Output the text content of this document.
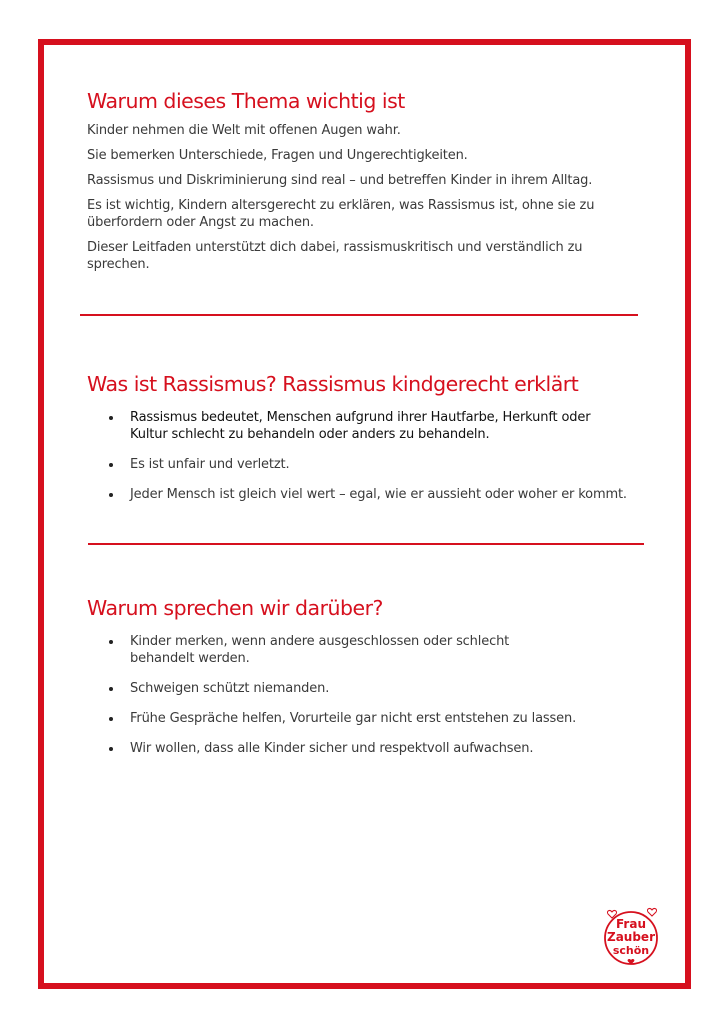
Warum dieses Thema wichtig ist

Kinder nehmen die Welt mit offenen Augen wahr.

Sie bemerken Unterschiede, Fragen und Ungerechtigkeiten.

Rassismus und Diskriminierung sind real – und betreffen Kinder in ihrem Alltag.

Es ist wichtig, Kindern altersgerecht zu erklären, was Rassismus ist, ohne sie zu überfordern oder Angst zu machen.

Dieser Leitfaden unterstützt dich dabei, rassismuskritisch und verständlich zu sprechen.

Was ist Rassismus? Rassismus kindgerecht erklärt
Rassismus bedeutet, Menschen aufgrund ihrer Hautfarbe, Herkunft oder Kultur schlecht zu behandeln oder anders zu behandeln.
Es ist unfair und verletzt.
Jeder Mensch ist gleich viel wert – egal, wie er aussieht oder woher er kommt.
Warum sprechen wir darüber?
Kinder merken, wenn andere ausgeschlossen oder schlecht behandelt werden.
Schweigen schützt niemanden.
Frühe Gespräche helfen, Vorurteile gar nicht erst entstehen zu lassen.
Wir wollen, dass alle Kinder sicher und respektvoll aufwachsen.
Frau
Zauber
schön
